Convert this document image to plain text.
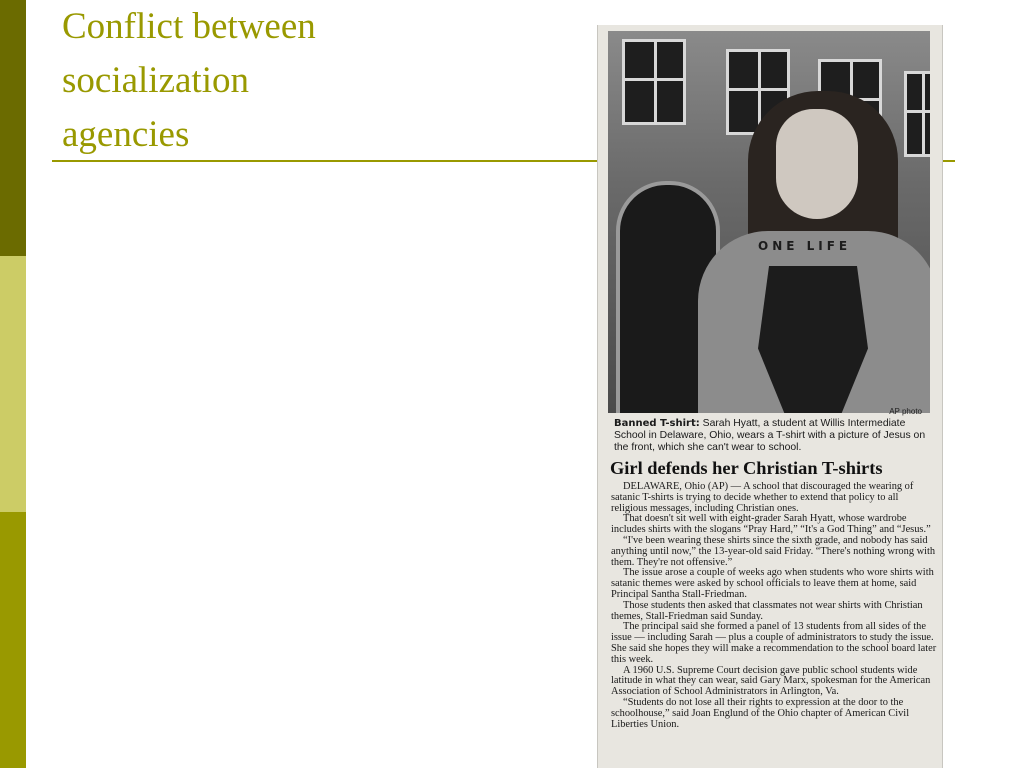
Conflict between
socialization
agencies
ONE LIFE
AP photo
Banned T-shirt: Sarah Hyatt, a student at Willis Intermediate School in Delaware, Ohio, wears a T-shirt with a picture of Jesus on the front, which she can't wear to school.
Girl defends her Christian T-shirts

DELAWARE, Ohio (AP) — A school that discouraged the wearing of satanic T-shirts is trying to decide whether to extend that policy to all religious messages, including Christian ones.

That doesn't sit well with eight-grader Sarah Hyatt, whose wardrobe includes shirts with the slogans “Pray Hard,” “It's a God Thing” and “Jesus.”

“I've been wearing these shirts since the sixth grade, and nobody has said anything until now,” the 13-year-old said Friday. “There's nothing wrong with them. They're not offensive.”

The issue arose a couple of weeks ago when students who wore shirts with satanic themes were asked by school officials to leave them at home, said Principal Santha Stall-Friedman.

Those students then asked that classmates not wear shirts with Christian themes, Stall-Friedman said Sunday.

The principal said she formed a panel of 13 students from all sides of the issue — including Sarah — plus a couple of administrators to study the issue. She said she hopes they will make a recommendation to the school board later this week.

A 1960 U.S. Supreme Court decision gave public school students wide latitude in what they can wear, said Gary Marx, spokesman for the American Association of School Administrators in Arlington, Va.

“Students do not lose all their rights to expression at the door to the schoolhouse,” said Joan Englund of the Ohio chapter of American Civil Liberties Union.
